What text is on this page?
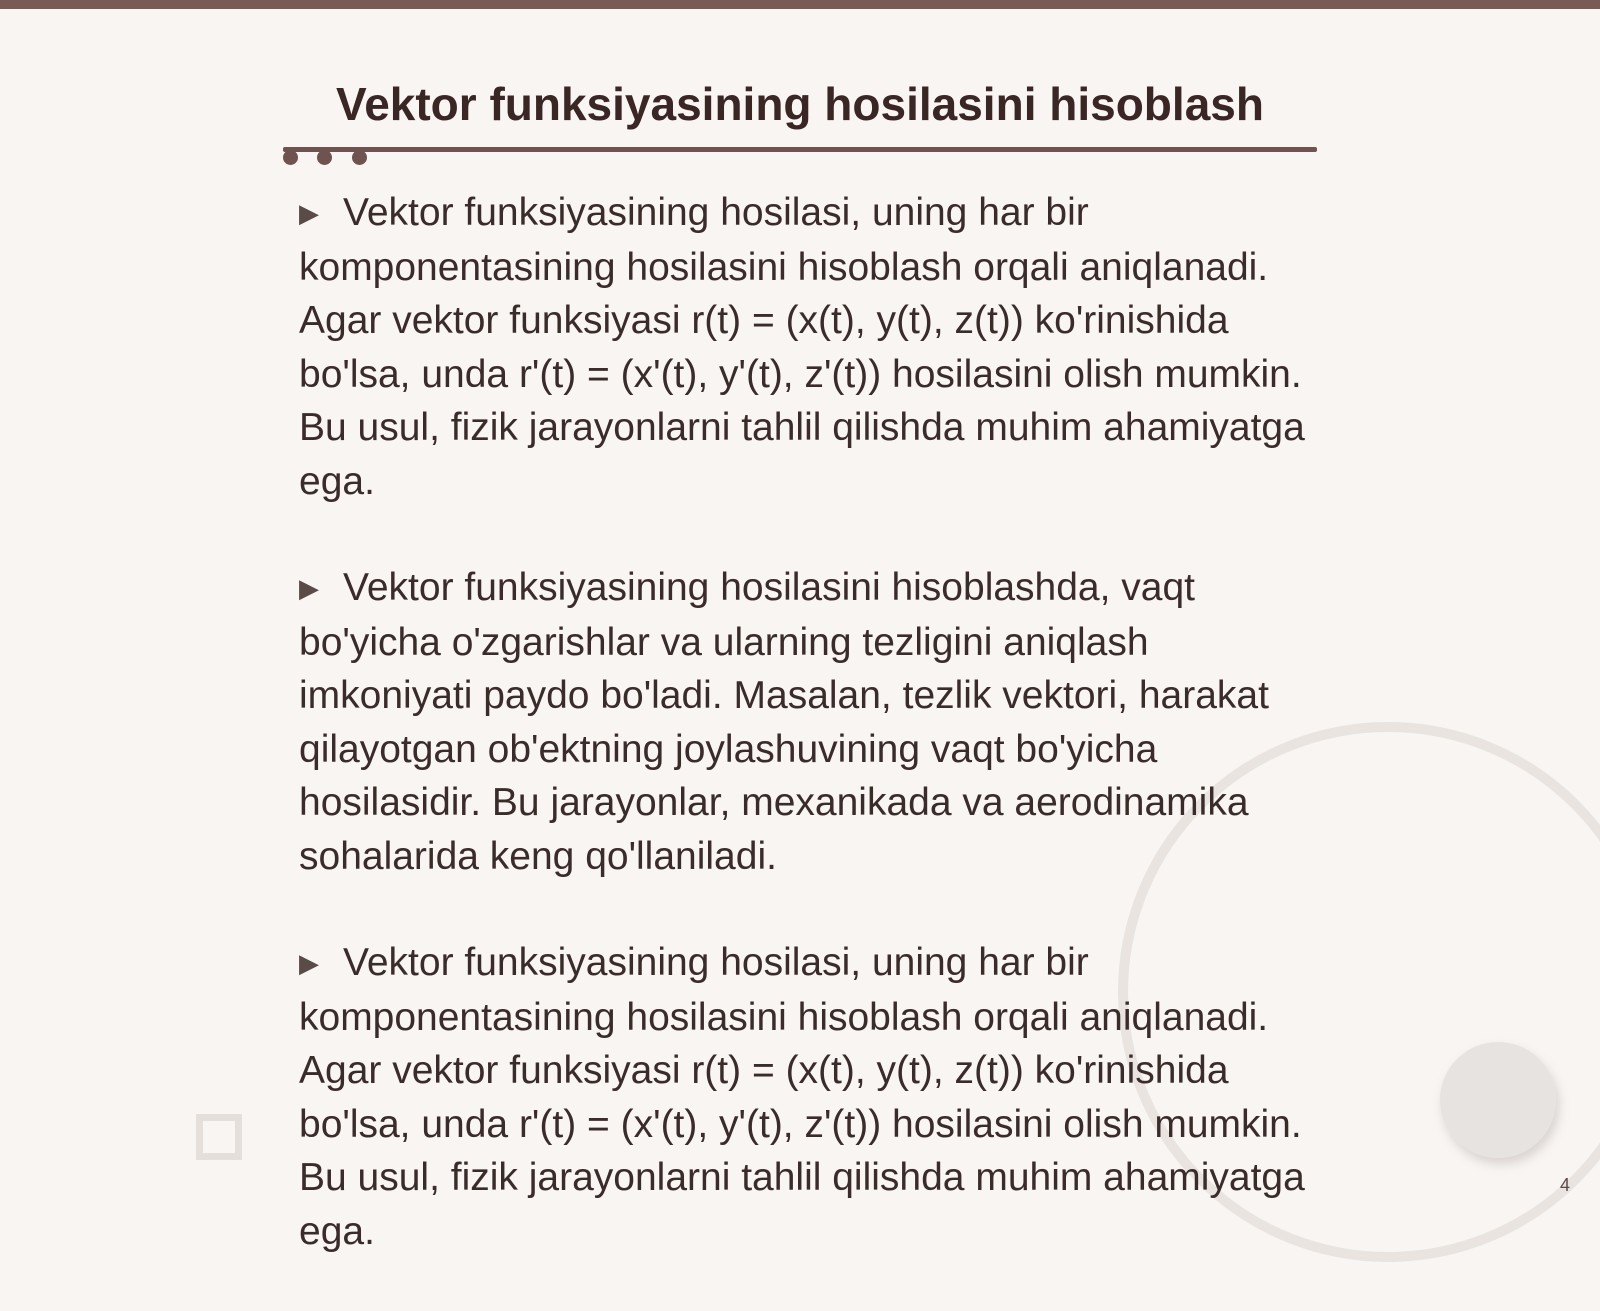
Vektor funksiyasining hosilasini hisoblash
▶ Vektor funksiyasining hosilasi, uning har bir komponentasining hosilasini hisoblash orqali aniqlanadi. Agar vektor funksiyasi r(t) = (x(t), y(t), z(t)) ko'rinishida bo'lsa, unda r'(t) = (x'(t), y'(t), z'(t)) hosilasini olish mumkin. Bu usul, fizik jarayonlarni tahlil qilishda muhim ahamiyatga ega.
▶ Vektor funksiyasining hosilasini hisoblashda, vaqt bo'yicha o'zgarishlar va ularning tezligini aniqlash imkoniyati paydo bo'ladi. Masalan, tezlik vektori, harakat qilayotgan ob'ektning joylashuvining vaqt bo'yicha hosilasidir. Bu jarayonlar, mexanikada va aerodinamika sohalarida keng qo'llaniladi.
▶ Vektor funksiyasining hosilasi, uning har bir komponentasining hosilasini hisoblash orqali aniqlanadi. Agar vektor funksiyasi r(t) = (x(t), y(t), z(t)) ko'rinishida bo'lsa, unda r'(t) = (x'(t), y'(t), z'(t)) hosilasini olish mumkin. Bu usul, fizik jarayonlarni tahlil qilishda muhim ahamiyatga ega.
4
